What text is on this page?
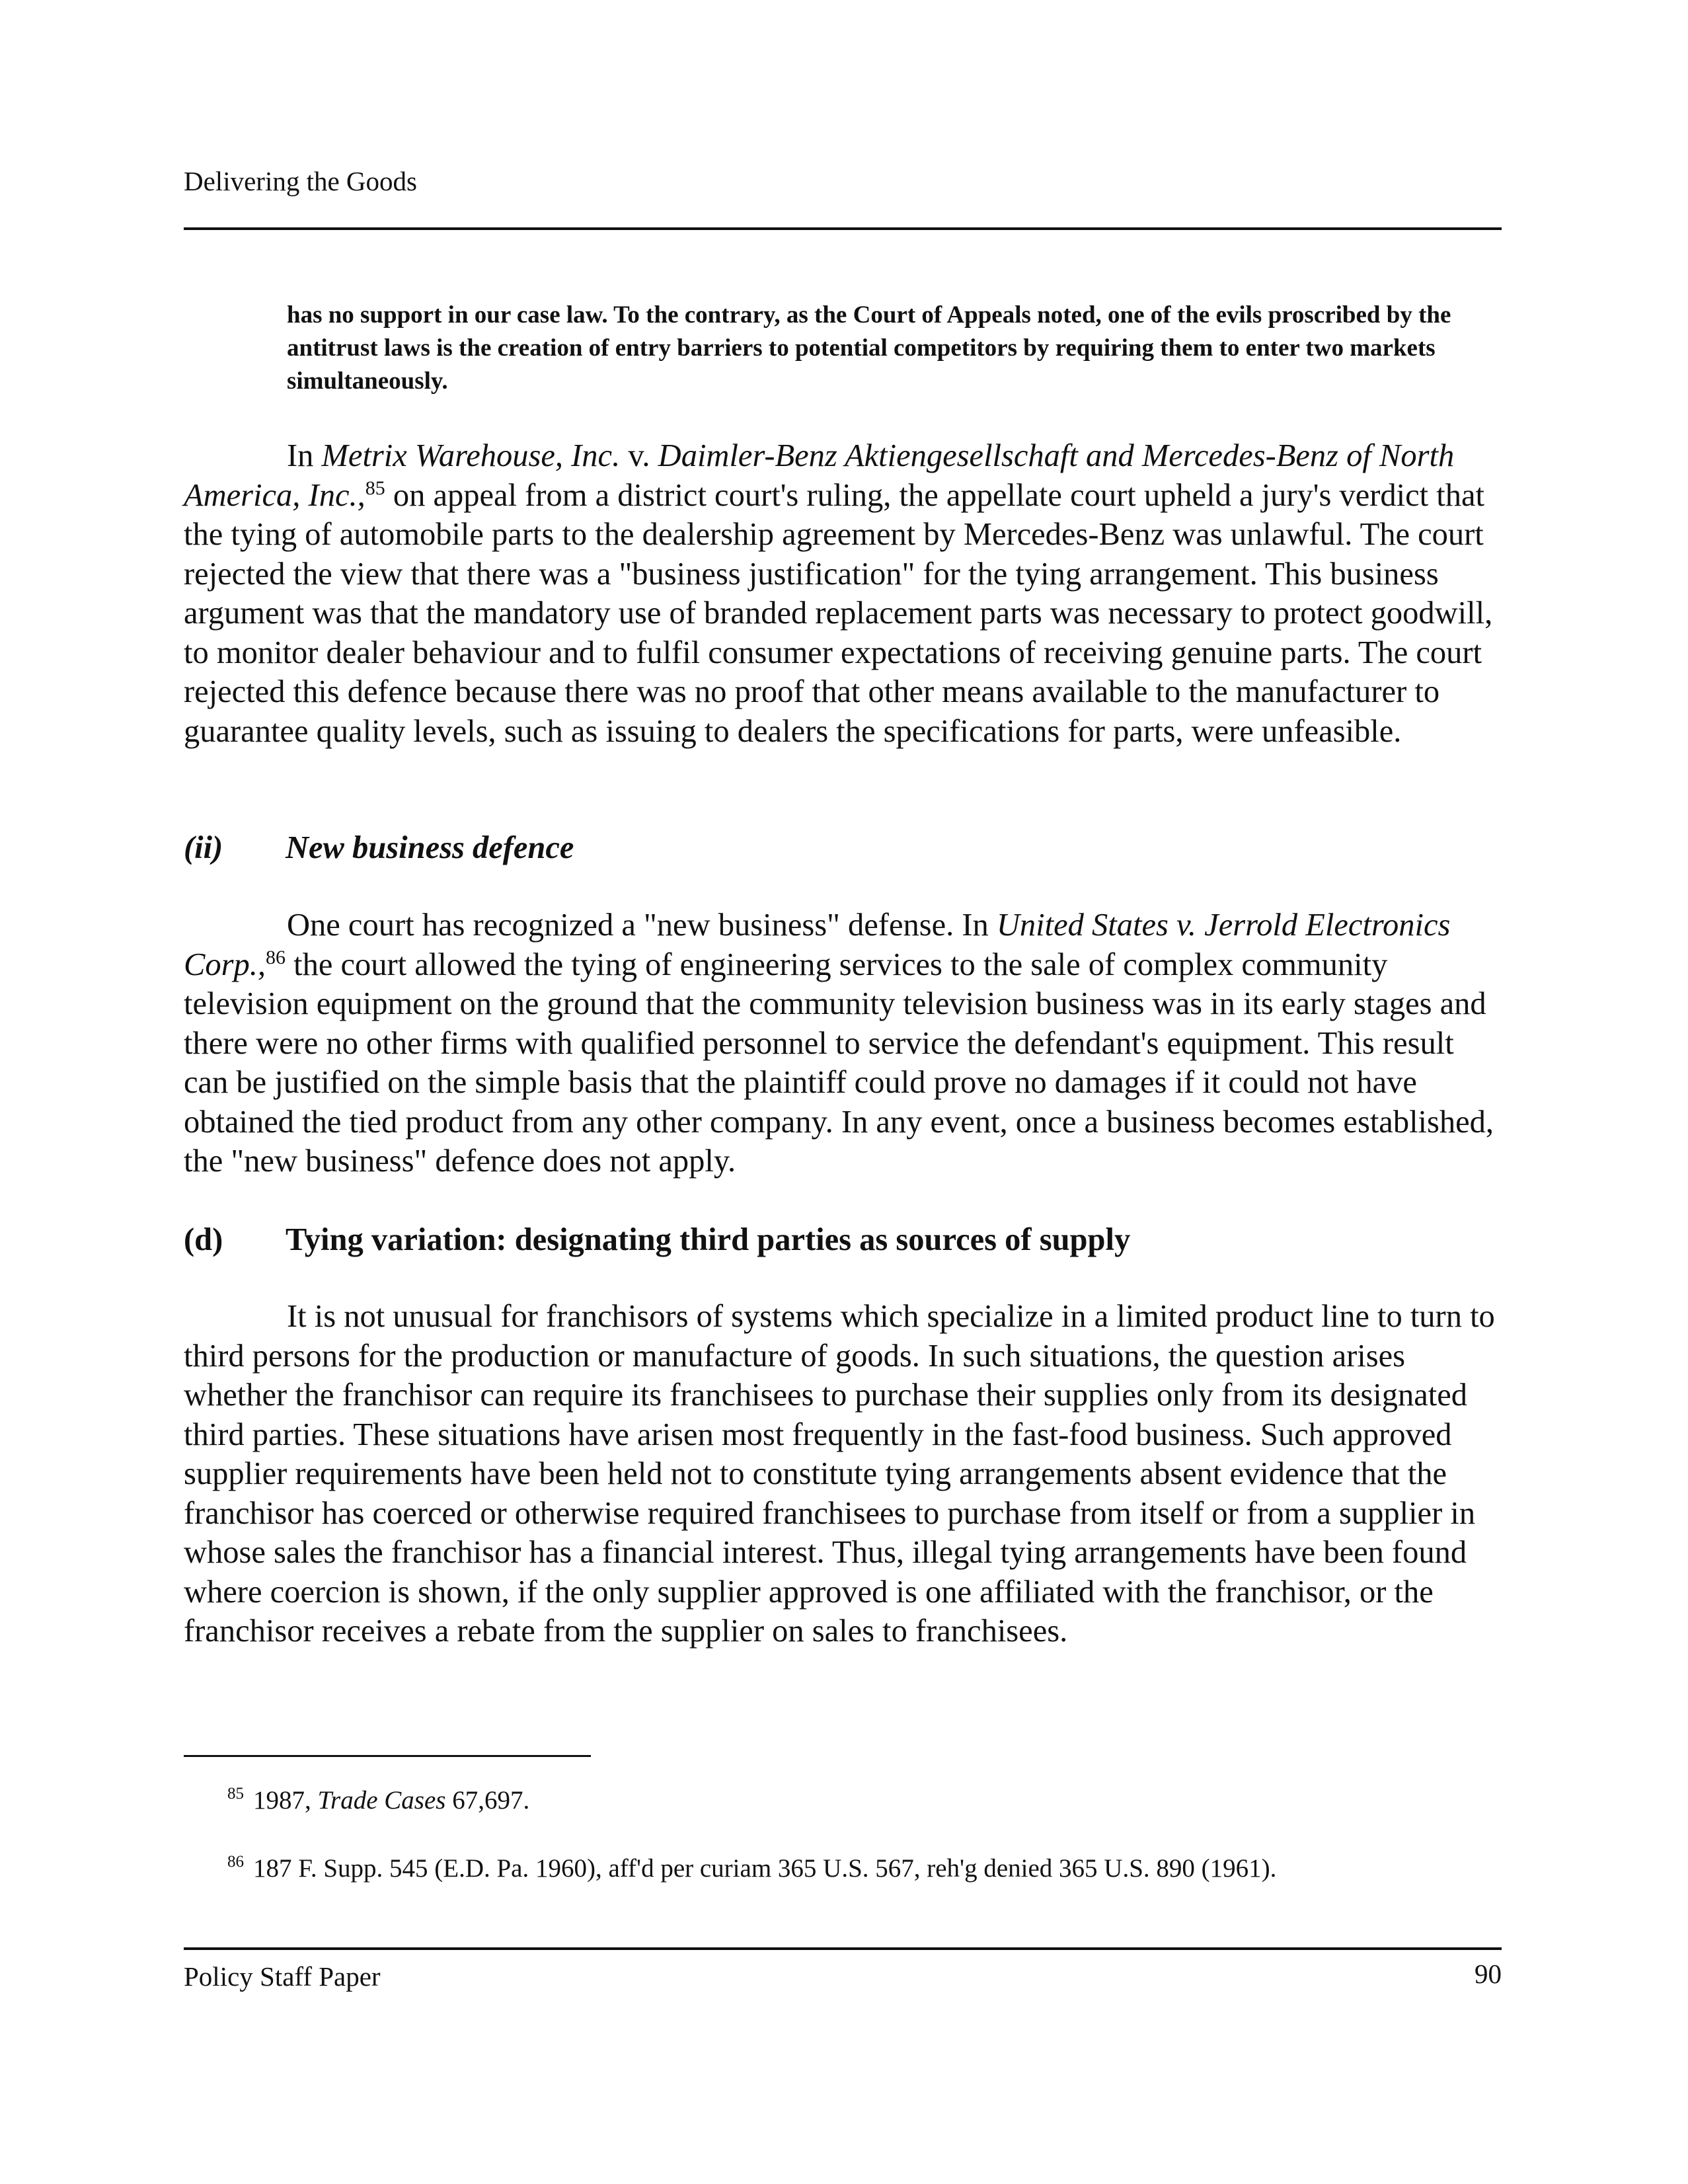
Delivering the Goods
has no support in our case law. To the contrary, as the Court of Appeals noted, one of the evils proscribed by the antitrust laws is the creation of entry barriers to potential competitors by requiring them to enter two markets simultaneously.
In Metrix Warehouse, Inc. v. Daimler-Benz Aktiengesellschaft and Mercedes-Benz of North America, Inc.,$^{85}$ on appeal from a district court's ruling, the appellate court upheld a jury's verdict that the tying of automobile parts to the dealership agreement by Mercedes-Benz was unlawful. The court rejected the view that there was a "business justification" for the tying arrangement. This business argument was that the mandatory use of branded replacement parts was necessary to protect goodwill, to monitor dealer behaviour and to fulfil consumer expectations of receiving genuine parts. The court rejected this defence because there was no proof that other means available to the manufacturer to guarantee quality levels, such as issuing to dealers the specifications for parts, were unfeasible.
(ii) New business defence
One court has recognized a "new business" defense. In United States v. Jerrold Electronics Corp.,$^{86}$ the court allowed the tying of engineering services to the sale of complex community television equipment on the ground that the community television business was in its early stages and there were no other firms with qualified personnel to service the defendant's equipment. This result can be justified on the simple basis that the plaintiff could prove no damages if it could not have obtained the tied product from any other company. In any event, once a business becomes established, the "new business" defence does not apply.
(d) Tying variation: designating third parties as sources of supply
It is not unusual for franchisors of systems which specialize in a limited product line to turn to third persons for the production or manufacture of goods. In such situations, the question arises whether the franchisor can require its franchisees to purchase their supplies only from its designated third parties. These situations have arisen most frequently in the fast-food business. Such approved supplier requirements have been held not to constitute tying arrangements absent evidence that the franchisor has coerced or otherwise required franchisees to purchase from itself or from a supplier in whose sales the franchisor has a financial interest. Thus, illegal tying arrangements have been found where coercion is shown, if the only supplier approved is one affiliated with the franchisor, or the franchisor receives a rebate from the supplier on sales to franchisees.
$^{85}$ 1987, Trade Cases 67,697.
$^{86}$ 187 F. Supp. 545 (E.D. Pa. 1960), aff'd per curiam 365 U.S. 567, reh'g denied 365 U.S. 890 (1961).
Policy Staff Paper	90
